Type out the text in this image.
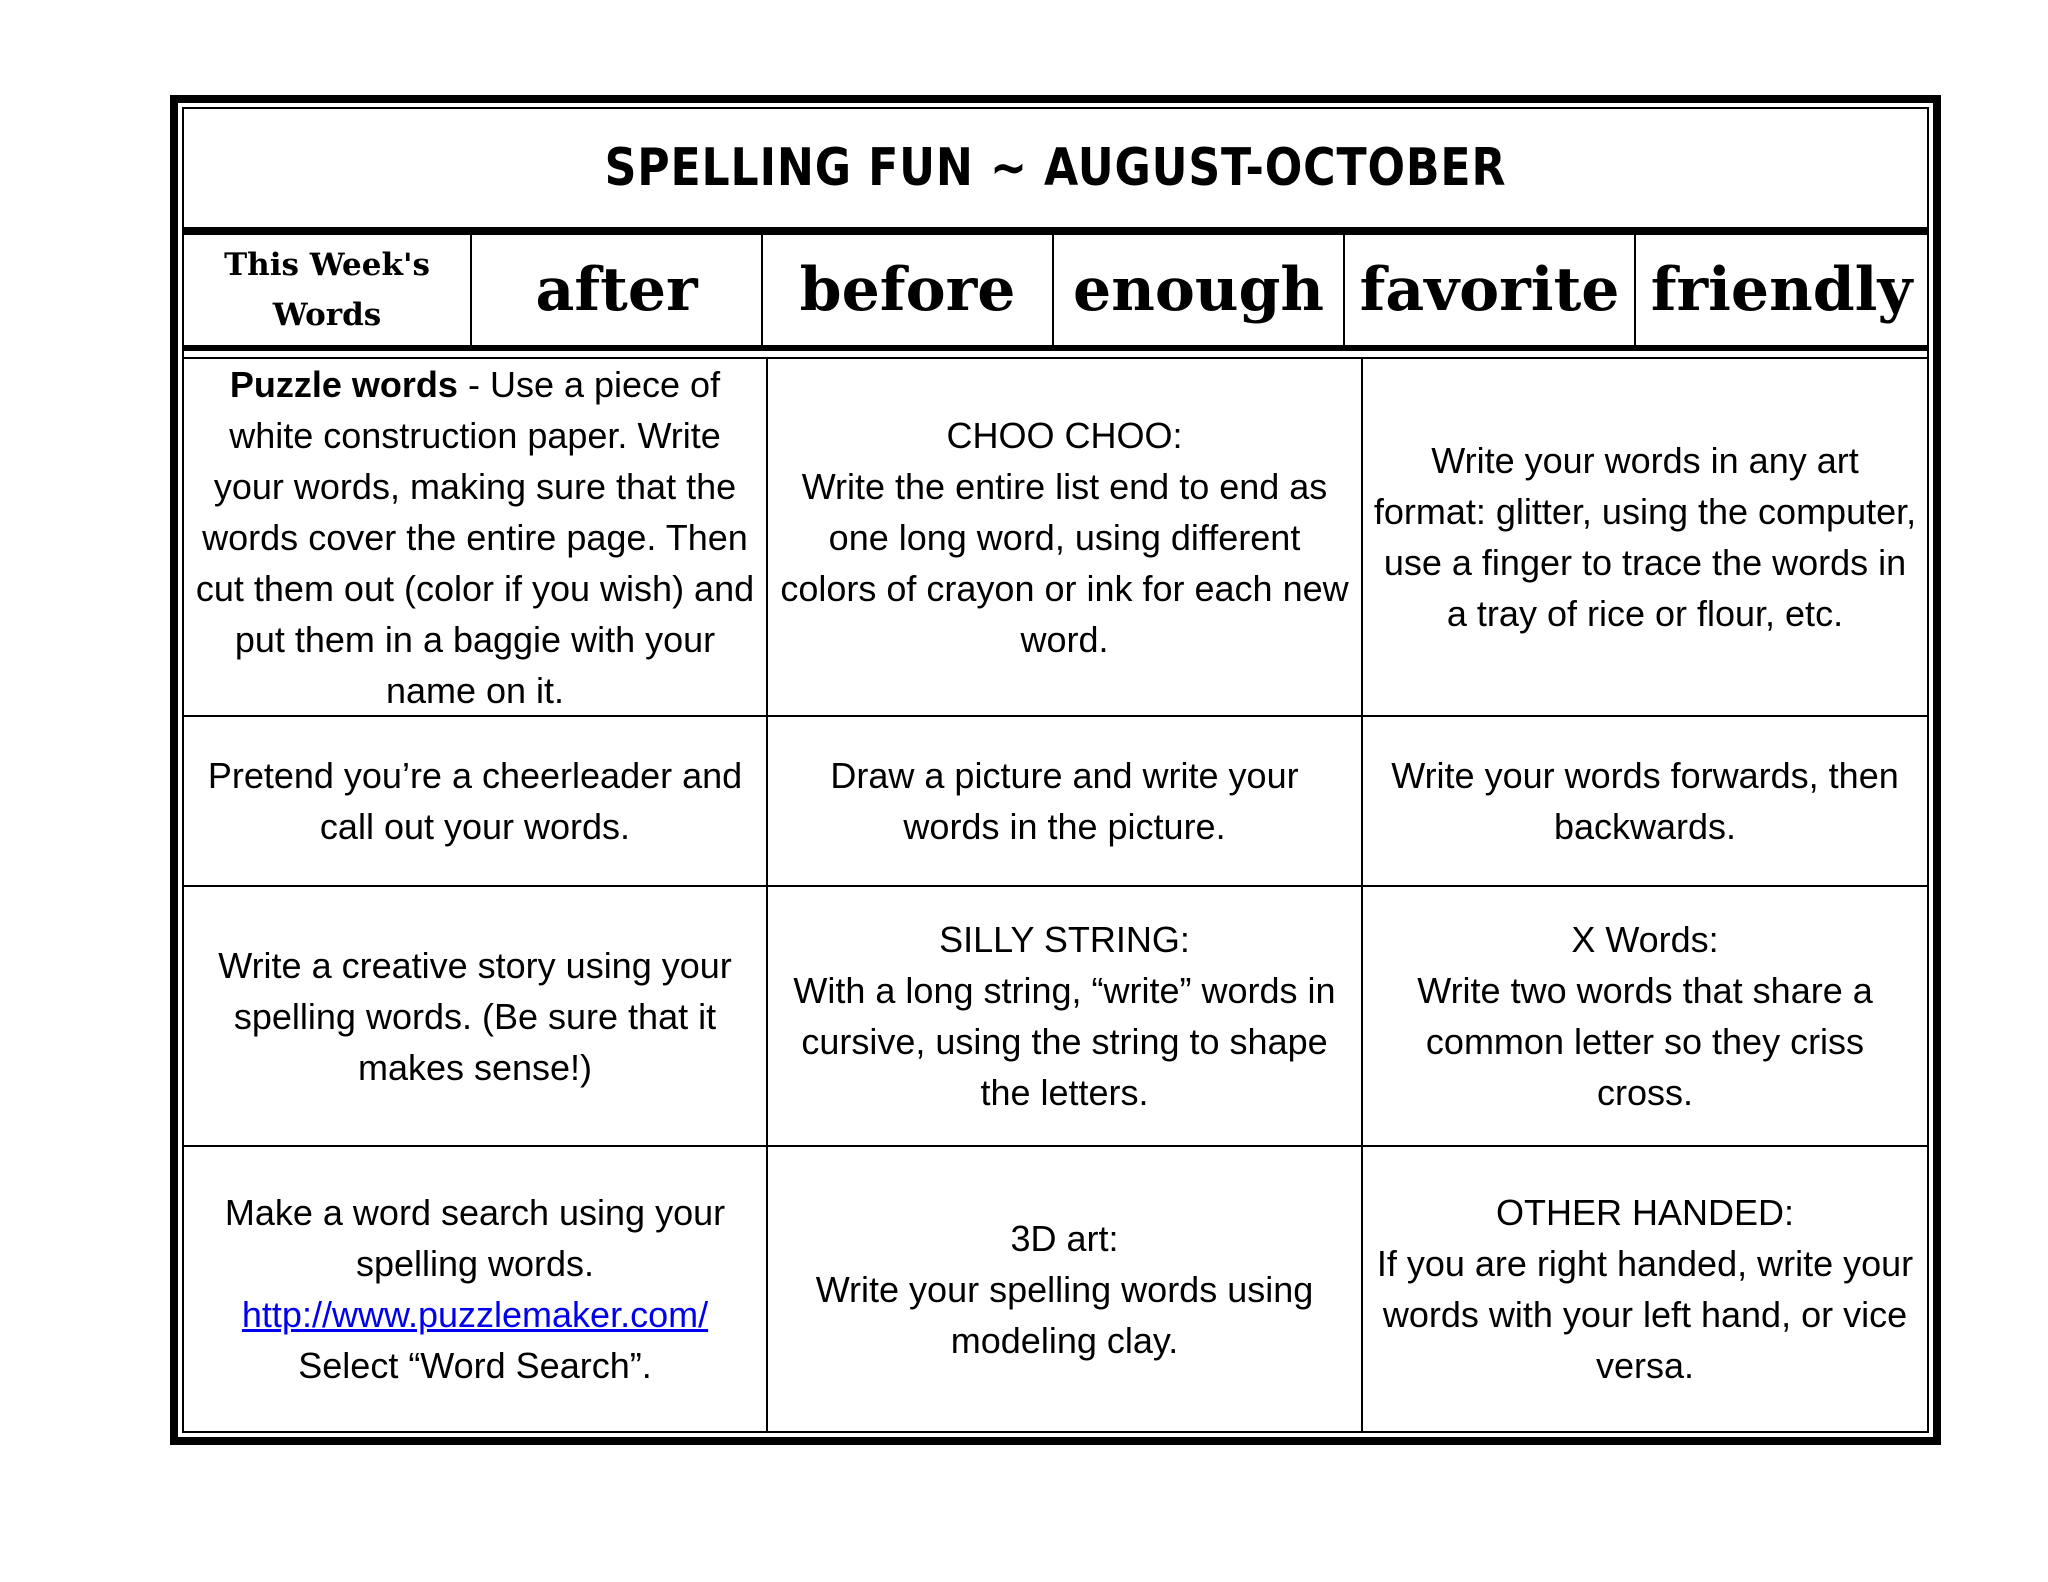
SPELLING FUN ~ AUGUST-OCTOBER
This Week's
Words	after	before enough favorite friendly

Puzzle words - Use a piece of white construction paper. Write your words, making sure that the words cover the entire page. Then cut them out (color if you wish) and put them in a baggie with your name on it.

CHOO CHOO:

Write the entire list end to end as one long word, using different colors of crayon or ink for each new word.

Write your words in any art format: glitter, using the computer, use a finger to trace the words in a tray of rice or flour, etc.

Pretend you’re a cheerleader and call out your words.

Draw a picture and write your words in the picture.

Write your words forwards, then backwards.

Write a creative story using your spelling words. (Be sure that it makes sense!)

SILLY STRING:

With a long string, “write” words in cursive, using the string to shape the letters.

X Words:

Write two words that share a common letter so they criss cross.

Make a word search using your spelling words.

http://www.puzzlemaker.com/

Select “Word Search”.

3D art:

Write your spelling words using modeling clay.

OTHER HANDED:

If you are right handed, write your words with your left hand, or vice versa.
